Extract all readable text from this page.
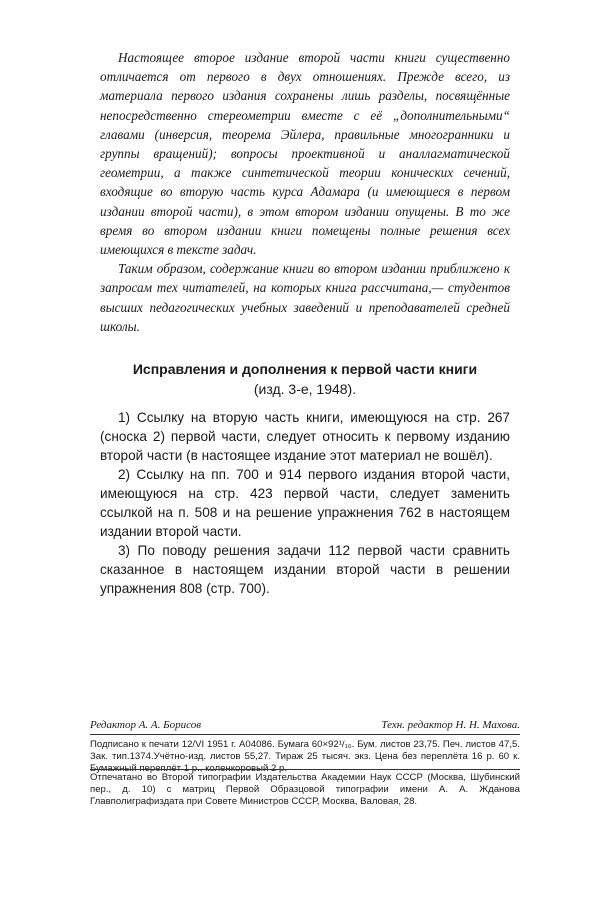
Настоящее второе издание второй части книги существенно отличается от первого в двух отношениях. Прежде всего, из материала первого издания сохранены лишь разделы, посвящённые непосредственно стереометрии вместе с её „дополнительными“ главами (инверсия, теорема Эйлера, правильные многогранники и группы вращений); вопросы проективной и аналлагматической геометрии, а также синтетической теории конических сечений, входящие во вторую часть курса Адамара (и имеющиеся в первом издании второй части), в этом втором издании опущены. В то же время во втором издании книги помещены полные решения всех имеющихся в тексте задач.

Таким образом, содержание книги во втором издании приближено к запросам тех читателей, на которых книга рассчитана,— студентов высших педагогических учебных заведений и преподавателей средней школы.

Исправления и дополнения к первой части книги
(изд. 3-е, 1948).

1) Ссылку на вторую часть книги, имеющуюся на стр. 267 (сноска 2) первой части, следует относить к первому изданию второй части (в настоящее издание этот материал не вошёл).

2) Ссылку на пп. 700 и 914 первого издания второй части, имеющуюся на стр. 423 первой части, следует заменить ссылкой на п. 508 и на решение упражнения 762 в настоящем издании второй части.

3) По поводу решения задачи 112 первой части сравнить сказанное в настоящем издании второй части в решении упражнения 808 (стр. 700).

Редактор А. А. Борисов	Техн. редактор Н. Н. Махова.

Подписано к печати 12/VI 1951 г. А04086. Бумага 60×92¹/₁₆. Бум. листов 23,75. Печ. листов 47,5. Зак. тип.1374.Учётно-изд. листов 55,27. Тираж 25 тысяч. экз. Цена без переплёта 16 р. 60 к. Бумажный переплёт 1 р., коленкоровый 2 р.

Отпечатано во Второй типографии Издательства Академии Наук СССР (Москва, Шубинский пер., д. 10) с матриц Первой Образцовой типографии имени А. А. Жданова Главполиграфиздата при Совете Министров СССР, Москва, Валовая, 28.
